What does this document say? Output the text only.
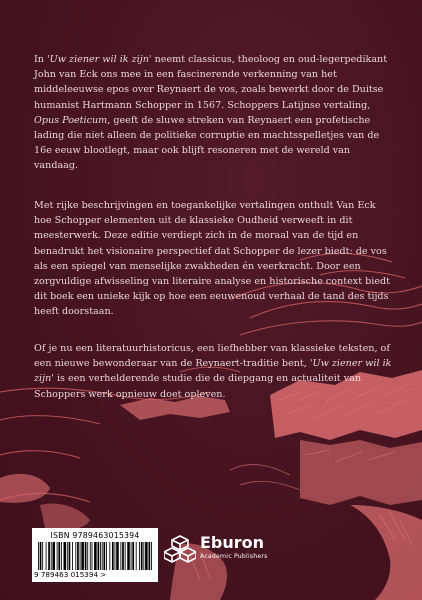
In 'Uw ziener wil ik zijn' neemt classicus, theoloog en oud-legerpedikant John van Eck ons mee in een fascinerende verkenning van het middeleeuwse epos over Reynaert de vos, zoals bewerkt door de Duitse humanist Hartmann Schopper in 1567. Schoppers Latijnse vertaling, Opus Poeticum, geeft de sluwe streken van Reynaert een profetische lading die niet alleen de politieke corruptie en machtsspelletjes van de 16e eeuw blootlegt, maar ook blijft resoneren met de wereld van vandaag.

Met rijke beschrijvingen en toegankelijke vertalingen onthult Van Eck hoe Schopper elementen uit de klassieke Oudheid verweeft in dit meesterwerk. Deze editie verdiept zich in de moraal van de tijd en benadrukt het visionaire perspectief dat Schopper de lezer biedt: de vos als een spiegel van menselijke zwakheden én veerkracht. Door een zorgvuldige afwisseling van literaire analyse en historische context biedt dit boek een unieke kijk op hoe een eeuwenoud verhaal de tand des tijds heeft doorstaan.

Of je nu een literatuurhistoricus, een liefhebber van klassieke teksten, of een nieuwe bewonderaar van de Reynaert-traditie bent, 'Uw ziener wil ik zijn' is een verhelderende studie die de diepgang en actualiteit van Schoppers werk opnieuw doet opleven.

ISBN 9789463015394
9 789463 015394 >
Eburon
Academic Publishers
